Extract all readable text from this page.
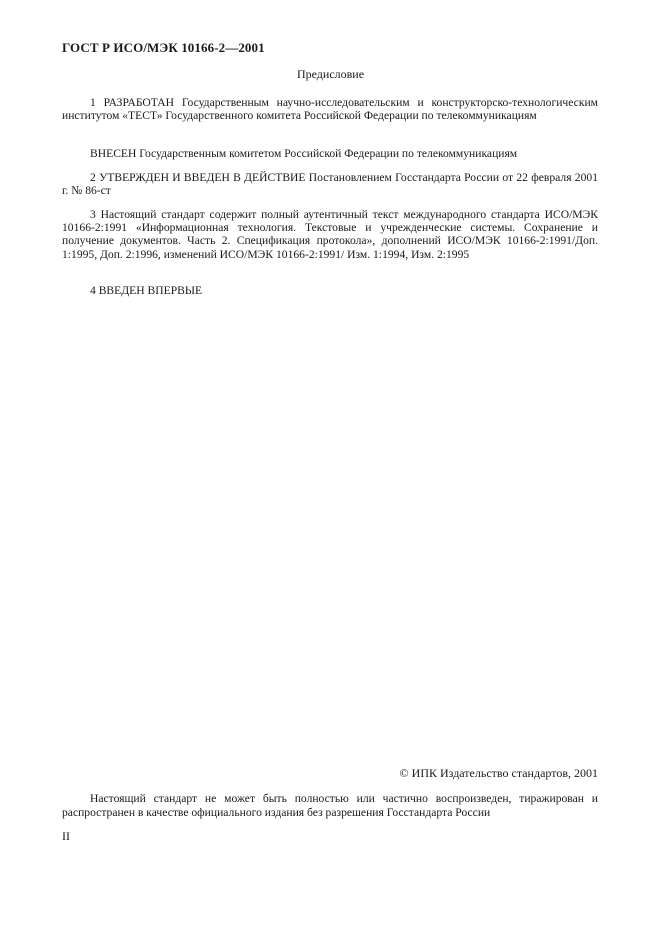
ГОСТ Р ИСО/МЭК 10166-2—2001
Предисловие

1 РАЗРАБОТАН Государственным научно-исследовательским и конструкторско-технологическим институтом «ТЕСТ» Государственного комитета Российской Федерации по телекоммуникациям

ВНЕСЕН Государственным комитетом Российской Федерации по телекоммуникациям

2 УТВЕРЖДЕН И ВВЕДЕН В ДЕЙСТВИЕ Постановлением Госстандарта России от 22 февраля 2001 г. № 86-ст

3 Настоящий стандарт содержит полный аутентичный текст международного стандарта ИСО/МЭК 10166-2:1991 «Информационная технология. Текстовые и учрежденческие системы. Сохранение и получение документов. Часть 2. Спецификация протокола», дополнений ИСО/МЭК 10166-2:1991/Доп. 1:1995, Доп. 2:1996, изменений ИСО/МЭК 10166-2:1991/ Изм. 1:1994, Изм. 2:1995

4 ВВЕДЕН ВПЕРВЫЕ

© ИПК Издательство стандартов, 2001

Настоящий стандарт не может быть полностью или частично воспроизведен, тиражирован и распространен в качестве официального издания без разрешения Госстандарта России

II
